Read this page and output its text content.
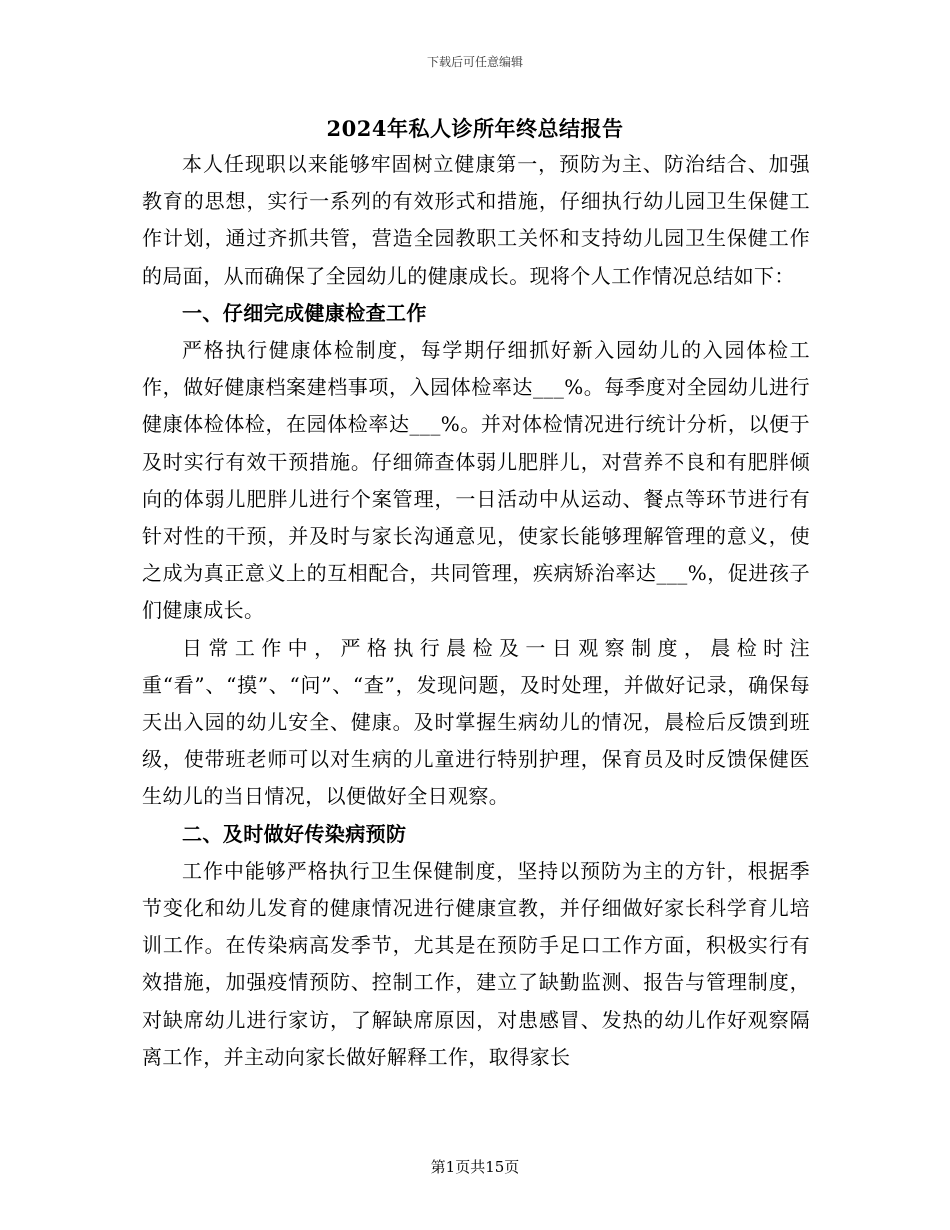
下载后可任意编辑
2024年私人诊所年终总结报告

本人任现职以来能够牢固树立健康第一，预防为主、防治结合、加强教育的思想，实行一系列的有效形式和措施，仔细执行幼儿园卫生保健工作计划，通过齐抓共管，营造全园教职工关怀和支持幼儿园卫生保健工作的局面，从而确保了全园幼儿的健康成长。现将个人工作情况总结如下：

一、仔细完成健康检查工作

严格执行健康体检制度，每学期仔细抓好新入园幼儿的入园体检工作，做好健康档案建档事项，入园体检率达___%。每季度对全园幼儿进行健康体检体检，在园体检率达___%。并对体检情况进行统计分析，以便于及时实行有效干预措施。仔细筛查体弱儿肥胖儿，对营养不良和有肥胖倾向的体弱儿肥胖儿进行个案管理，一日活动中从运动、餐点等环节进行有针对性的干预，并及时与家长沟通意见，使家长能够理解管理的意义，使之成为真正意义上的互相配合，共同管理，疾病矫治率达___%，促进孩子们健康成长。

日常工作中，严格执行晨检及一日观察制度，晨检时注重“看”、“摸”、“问”、“查”，发现问题，及时处理，并做好记录，确保每天出入园的幼儿安全、健康。及时掌握生病幼儿的情况，晨检后反馈到班级，使带班老师可以对生病的儿童进行特别护理，保育员及时反馈保健医生幼儿的当日情况，以便做好全日观察。

二、及时做好传染病预防

工作中能够严格执行卫生保健制度，坚持以预防为主的方针，根据季节变化和幼儿发育的健康情况进行健康宣教，并仔细做好家长科学育儿培训工作。在传染病高发季节，尤其是在预防手足口工作方面，积极实行有效措施，加强疫情预防、控制工作，建立了缺勤监测、报告与管理制度，对缺席幼儿进行家访，了解缺席原因，对患感冒、发热的幼儿作好观察隔离工作，并主动向家长做好解释工作，取得家长

第1页共15页
